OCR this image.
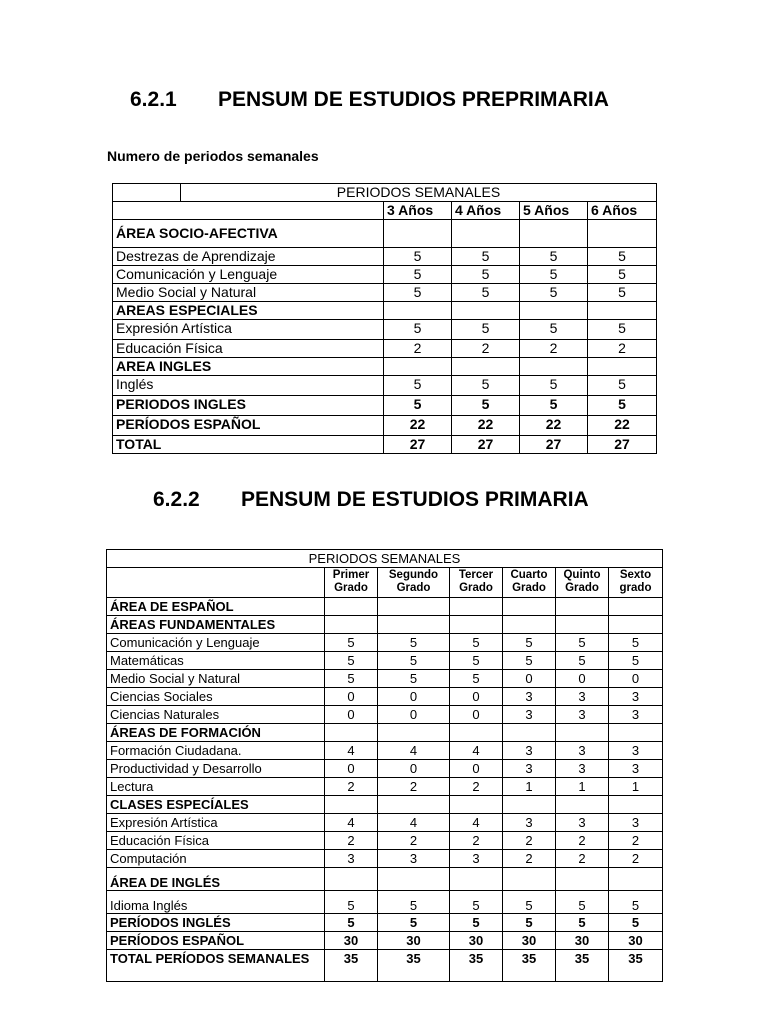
6.2.1 PENSUM DE ESTUDIOS PREPRIMARIA

Numero de periodos semanales

	PERIODOS SEMANALES				
		3 Años	4 Años	5 Años	6 Años
ÁREA SOCIO-AFECTIVA					
Destrezas de Aprendizaje		5	5	5	5
Comunicación y Lenguaje		5	5	5	5
Medio Social y Natural		5	5	5	5
AREAS ESPECIALES					
Expresión Artística		5	5	5	5
Educación Física		2	2	2	2
AREA INGLES					
Inglés		5	5	5	5
PERIODOS INGLES		5	5	5	5
PERÍODOS ESPAÑOL		22	22	22	22
TOTAL		27	27	27	27
6.2.2 PENSUM DE ESTUDIOS PRIMARIA
PERIODOS SEMANALES						
	Primer Grado	Segundo Grado	Tercer Grado	Cuarto Grado	Quinto Grado	Sexto grado
ÁREA DE ESPAÑOL						
ÁREAS FUNDAMENTALES						
Comunicación y Lenguaje	5	5	5	5	5	5
Matemáticas	5	5	5	5	5	5
Medio Social y Natural	5	5	5	0	0	0
Ciencias Sociales	0	0	0	3	3	3
Ciencias Naturales	0	0	0	3	3	3
ÁREAS DE FORMACIÓN						
Formación Ciudadana.	4	4	4	3	3	3
Productividad y Desarrollo	0	0	0	3	3	3
Lectura	2	2	2	1	1	1
CLASES ESPECÍALES						
Expresión Artística	4	4	4	3	3	3
Educación Física	2	2	2	2	2	2
Computación	3	3	3	2	2	2
ÁREA DE INGLÉS						
Idioma Inglés	5	5	5	5	5	5
PERÍODOS INGLÉS	5	5	5	5	5	5
PERÍODOS ESPAÑOL	30	30	30	30	30	30
TOTAL PERÍODOS SEMANALES	35	35	35	35	35	35
